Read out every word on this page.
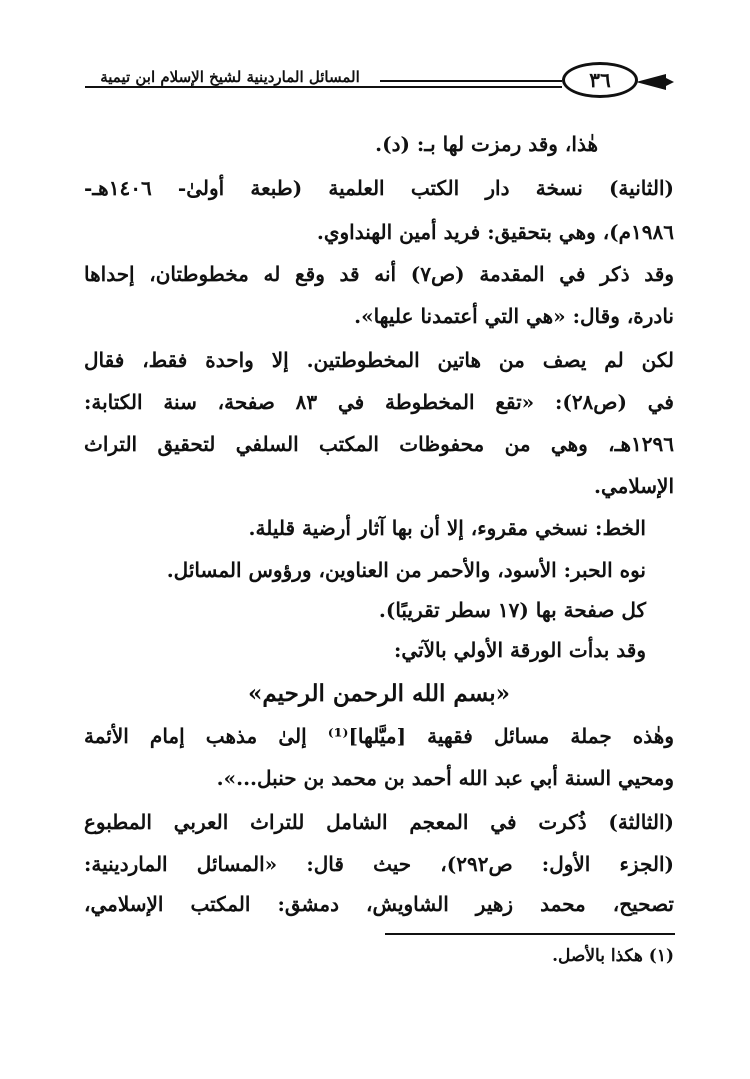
المسائل الماردينية لشيخ الإسلام ابن تيمية	٣٦
هٰذا، وقد رمزت لها بـ: (د).
(الثانية) نسخة دار الكتب العلمية (طبعة أولىٰ- ١٤٠٦هـ-
١٩٨٦م)، وهي بتحقيق: فريد أمين الهنداوي.
وقد ذكر في المقدمة (ص٧) أنه قد وقع له مخطوطتان، إحداها
نادرة، وقال: «هي التي أعتمدنا عليها».
لكن لم يصف من هاتين المخطوطتين. إلا واحدة فقط، فقال
في (ص٢٨): «تقع المخطوطة في ٨٣ صفحة، سنة الكتابة:
١٢٩٦هـ، وهي من محفوظات المكتب السلفي لتحقيق التراث
الإسلامي.
الخط: نسخي مقروء، إلا أن بها آثار أرضية قليلة.
نوه الحبر: الأسود، والأحمر من العناوين، ورؤوس المسائل.
كل صفحة بها (١٧ سطر تقريبًا).
وقد بدأت الورقة الأولي بالآتي:
«بسم الله الرحمن الرحيم»
وهٰذه جملة مسائل فقهية [ميَّلها]⁽¹⁾ إلىٰ مذهب إمام الأئمة
ومحيي السنة أبي عبد الله أحمد بن محمد بن حنبل...».
(الثالثة) ذُكرت في المعجم الشامل للتراث العربي المطبوع
(الجزء الأول: ص٢٩٢)، حيث قال: «المسائل الماردينية:
تصحيح، محمد زهير الشاويش، دمشق: المكتب الإسلامي،
(١) هكذا بالأصل.
